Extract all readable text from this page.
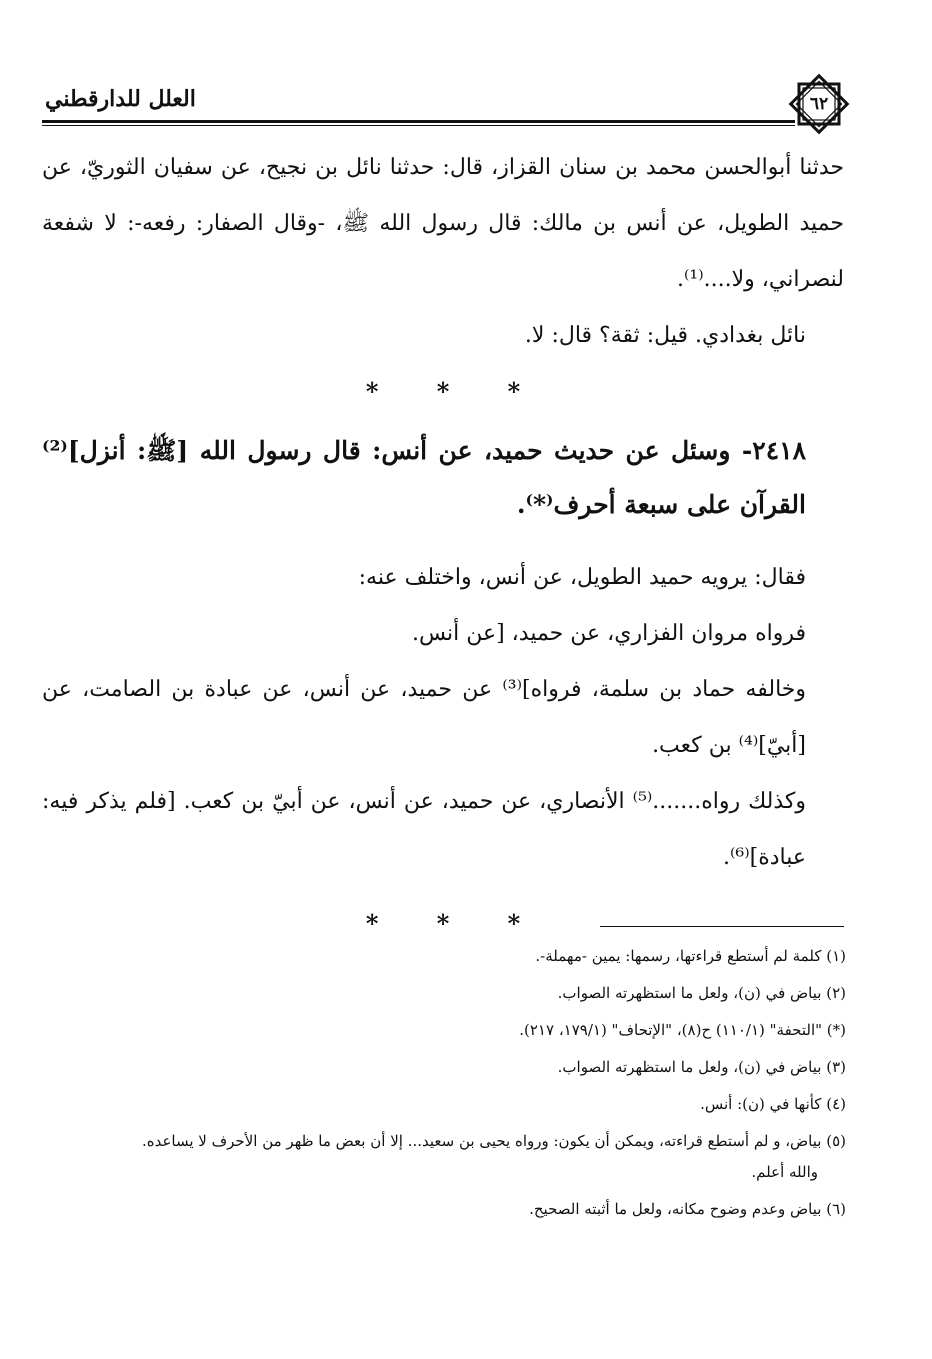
٦٢
العلل للدارقطني

حدثنا أبوالحسن محمد بن سنان القزاز، قال: حدثنا نائل بن نجيح، عن سفيان الثوريّ، عن حميد الطويل، عن أنس بن مالك: قال رسول الله ﷺ، -وقال الصفار: رفعه-: لا شفعة لنصراني، ولا....⁽¹⁾.

نائل بغدادي. قيل: ثقة؟ قال: لا.

* * *

٢٤١٨- وسئل عن حديث حميد، عن أنس: قال رسول الله [ﷺ: أنزل]⁽²⁾ القرآن على سبعة أحرف⁽*⁾.

فقال: يرويه حميد الطويل، عن أنس، واختلف عنه:

فرواه مروان الفزاري، عن حميد، [عن أنس.

وخالفه حماد بن سلمة، فرواه]⁽³⁾ عن حميد، عن أنس، عن عبادة بن الصامت، عن [أبيّ]⁽⁴⁾ بن كعب.

وكذلك رواه.......⁽⁵⁾ الأنصاري، عن حميد، عن أنس، عن أبيّ بن كعب. [فلم يذكر فيه: عبادة]⁽⁶⁾.

* * *

(١) كلمة لم أستطع قراءتها، رسمها: يمين -مهملة-.

(٢) بياض في (ن)، ولعل ما استظهرته الصواب.

(*) "التحفة" (١١٠/١) ح(٨)، "الإتحاف" (١٧٩/١، ٢١٧).

(٣) بياض في (ن)، ولعل ما استظهرته الصواب.

(٤) كأنها في (ن): أنس.

(٥) بياض، و لم أستطع قراءته، ويمكن أن يكون: ورواه يحيى بن سعيد... إلا أن بعض ما ظهر من الأحرف لا يساعده.

والله أعلم.

(٦) بياض وعدم وضوح مكانه، ولعل ما أثبته الصحيح.
